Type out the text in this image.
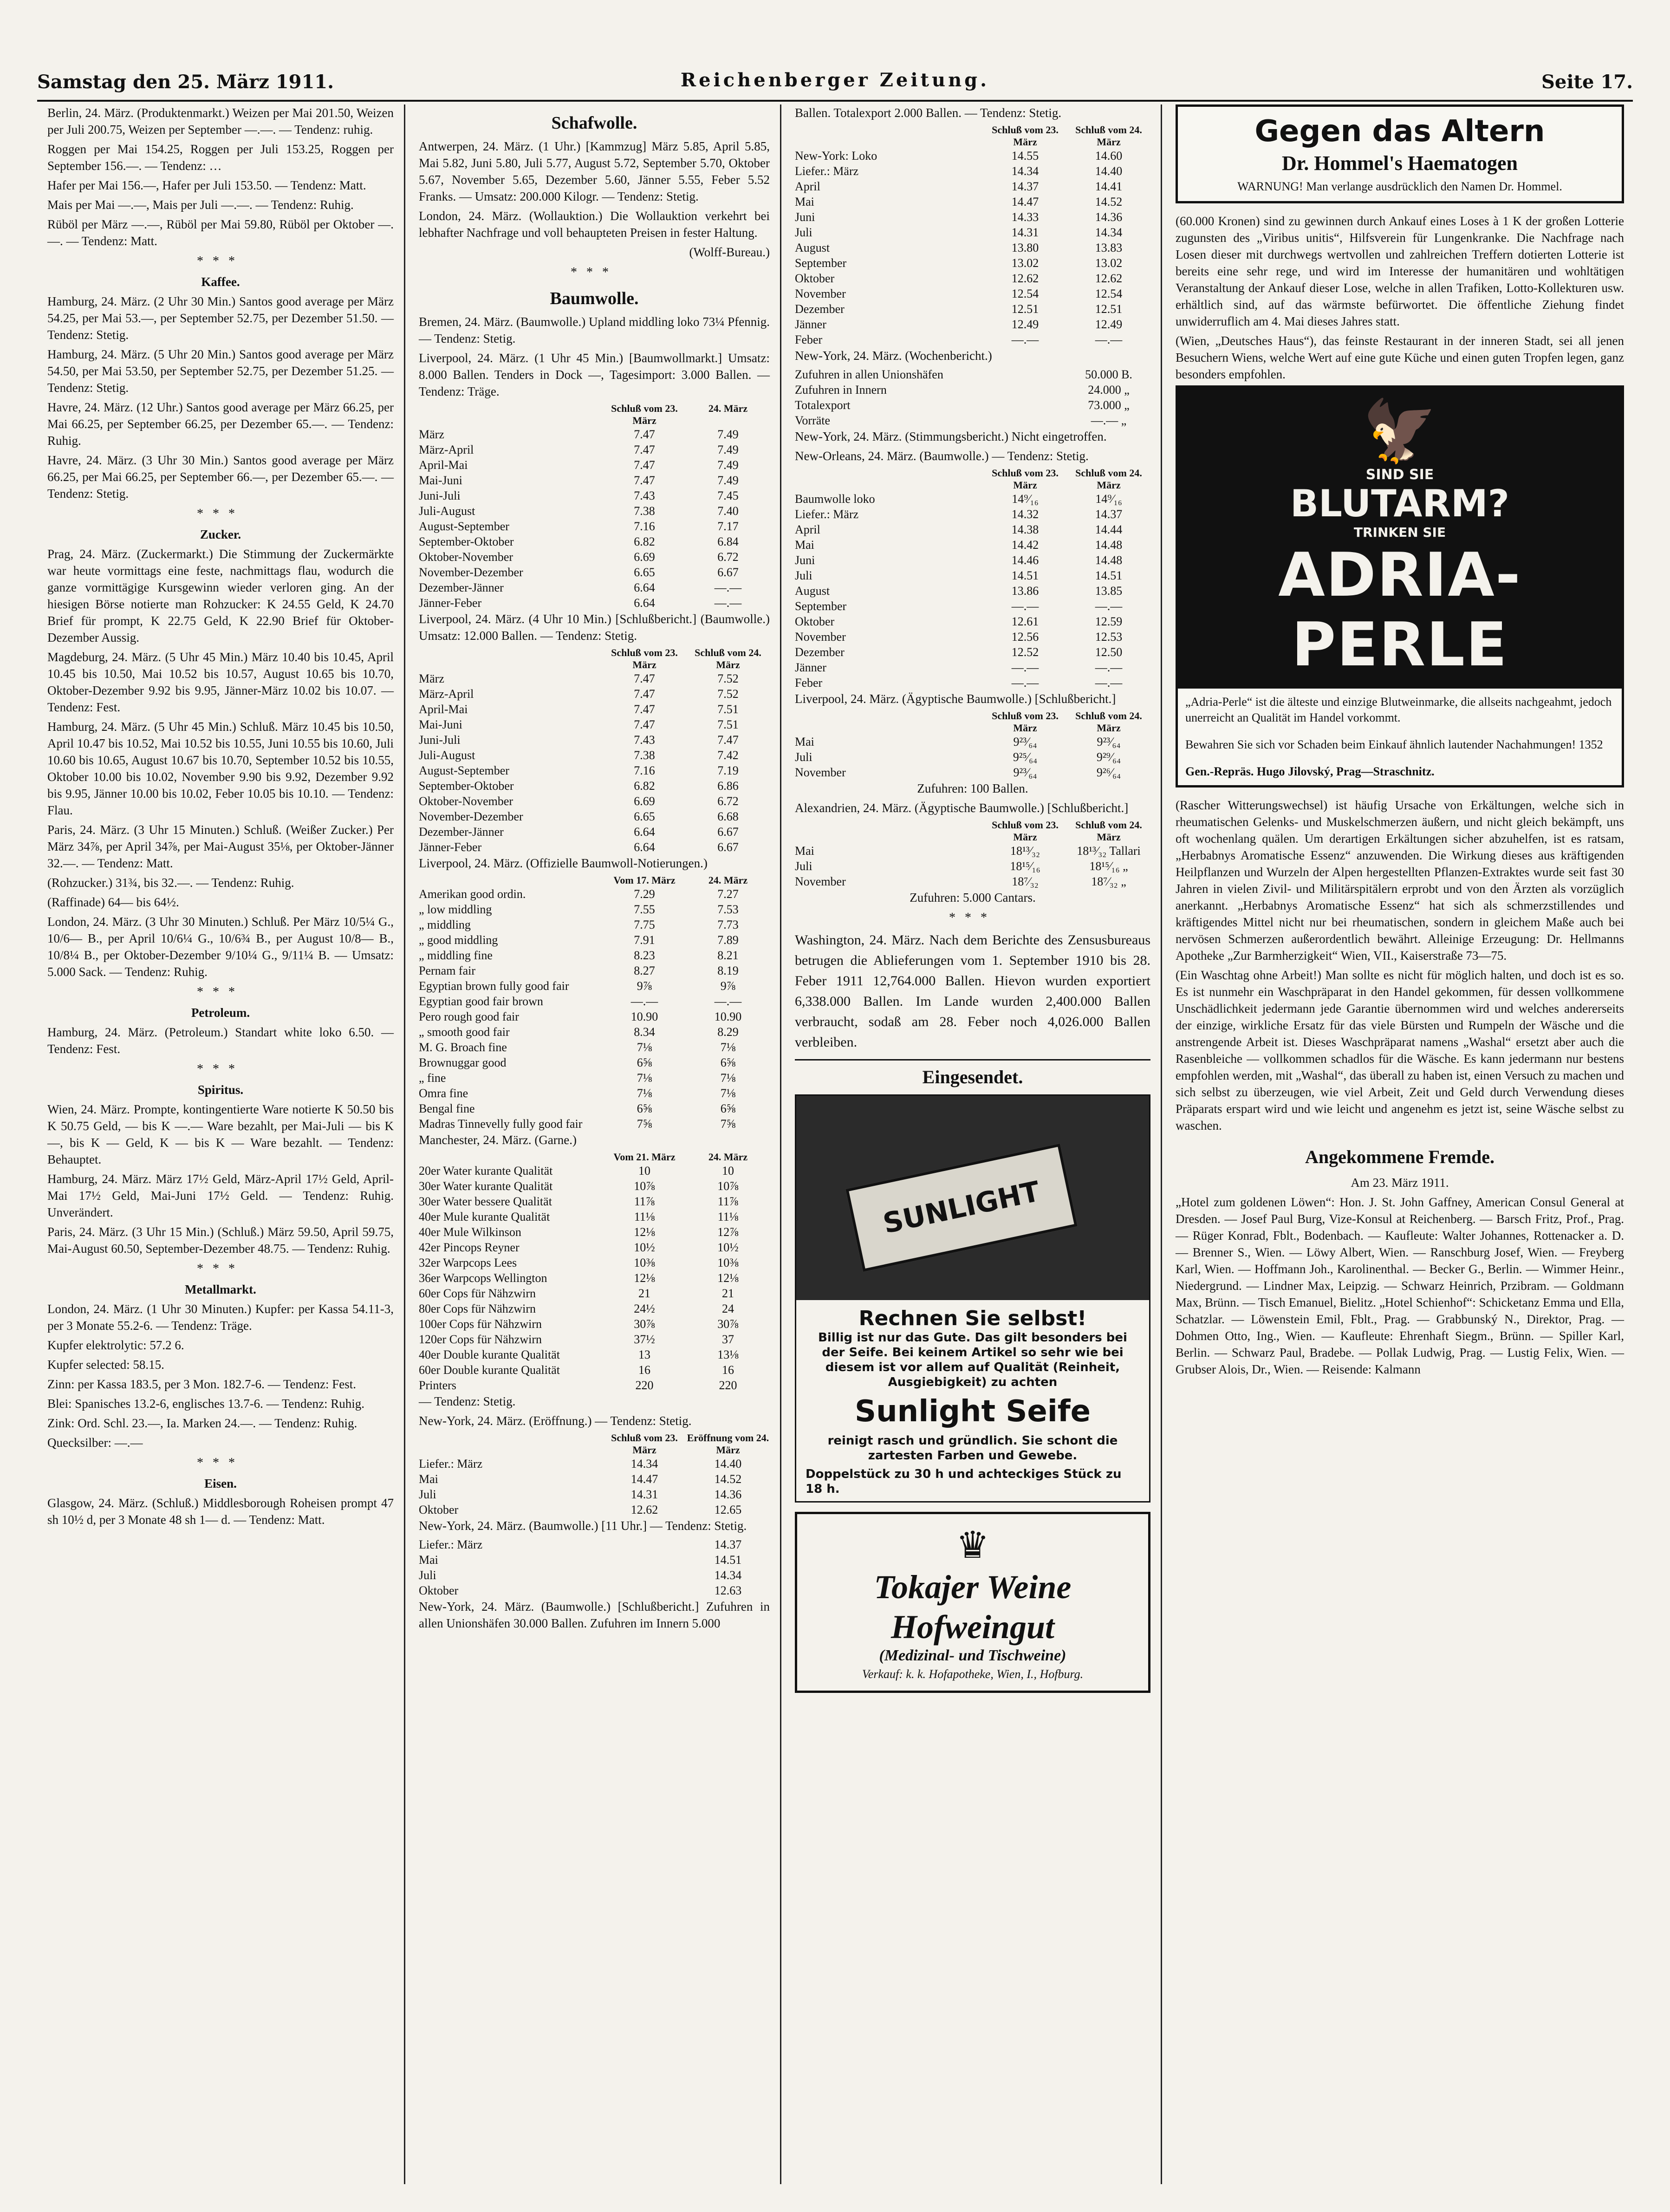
Samstag den 25. März 1911.	Reichenberger Zeitung.	Seite 17.

Berlin, 24. März. (Produktenmarkt.) Weizen per Mai 201.50, Weizen per Juli 200.75, Weizen per September —.—. — Tendenz: ruhig.

Roggen per Mai 154.25, Roggen per Juli 153.25, Roggen per September 156.—. — Tendenz: …

Hafer per Mai 156.—, Hafer per Juli 153.50. — Tendenz: Matt.

Mais per Mai —.—, Mais per Juli —.—. — Tendenz: Ruhig.

Rüböl per März —.—, Rüböl per Mai 59.80, Rüböl per Oktober —.—. — Tendenz: Matt.

***

Kaffee.

Hamburg, 24. März. (2 Uhr 30 Min.) Santos good average per März 54.25, per Mai 53.—, per September 52.75, per Dezember 51.50. — Tendenz: Stetig.

Hamburg, 24. März. (5 Uhr 20 Min.) Santos good average per März 54.50, per Mai 53.50, per September 52.75, per Dezember 51.25. — Tendenz: Stetig.

Havre, 24. März. (12 Uhr.) Santos good average per März 66.25, per Mai 66.25, per September 66.25, per Dezember 65.—. — Tendenz: Ruhig.

Havre, 24. März. (3 Uhr 30 Min.) Santos good average per März 66.25, per Mai 66.25, per September 66.—, per Dezember 65.—. — Tendenz: Stetig.

***

Zucker.

Prag, 24. März. (Zuckermarkt.) Die Stimmung der Zuckermärkte war heute vormittags eine feste, nachmittags flau, wodurch die ganze vormittägige Kursgewinn wieder verloren ging. An der hiesigen Börse notierte man Rohzucker: K 24.55 Geld, K 24.70 Brief für prompt, K 22.75 Geld, K 22.90 Brief für Oktober-Dezember Aussig.

Magdeburg, 24. März. (5 Uhr 45 Min.) März 10.40 bis 10.45, April 10.45 bis 10.50, Mai 10.52 bis 10.57, August 10.65 bis 10.70, Oktober-Dezember 9.92 bis 9.95, Jänner-März 10.02 bis 10.07. — Tendenz: Fest.

Hamburg, 24. März. (5 Uhr 45 Min.) Schluß. März 10.45 bis 10.50, April 10.47 bis 10.52, Mai 10.52 bis 10.55, Juni 10.55 bis 10.60, Juli 10.60 bis 10.65, August 10.67 bis 10.70, September 10.52 bis 10.55, Oktober 10.00 bis 10.02, November 9.90 bis 9.92, Dezember 9.92 bis 9.95, Jänner 10.00 bis 10.02, Feber 10.05 bis 10.10. — Tendenz: Flau.

Paris, 24. März. (3 Uhr 15 Minuten.) Schluß. (Weißer Zucker.) Per März 34⅞, per April 34⅞, per Mai-August 35⅛, per Oktober-Jänner 32.—. — Tendenz: Matt.

(Rohzucker.) 31¾, bis 32.—. — Tendenz: Ruhig.

(Raffinade) 64— bis 64½.

London, 24. März. (3 Uhr 30 Minuten.) Schluß. Per März 10/5¼ G., 10/6— B., per April 10/6¼ G., 10/6¾ B., per August 10/8— B., 10/8¼ B., per Oktober-Dezember 9/10¼ G., 9/11¼ B. — Umsatz: 5.000 Sack. — Tendenz: Ruhig.

***

Petroleum.

Hamburg, 24. März. (Petroleum.) Standart white loko 6.50. — Tendenz: Fest.

***

Spiritus.

Wien, 24. März. Prompte, kontingentierte Ware notierte K 50.50 bis K 50.75 Geld, — bis K —.— Ware bezahlt, per Mai-Juli — bis K —, bis K — Geld, K — bis K — Ware bezahlt. — Tendenz: Behauptet.

Hamburg, 24. März. März 17½ Geld, März-April 17½ Geld, April-Mai 17½ Geld, Mai-Juni 17½ Geld. — Tendenz: Ruhig. Unverändert.

Paris, 24. März. (3 Uhr 15 Min.) (Schluß.) März 59.50, April 59.75, Mai-August 60.50, September-Dezember 48.75. — Tendenz: Ruhig.

***

Metallmarkt.

London, 24. März. (1 Uhr 30 Minuten.) Kupfer: per Kassa 54.11-3, per 3 Monate 55.2-6. — Tendenz: Träge.

Kupfer elektrolytic: 57.2 6.

Kupfer selected: 58.15.

Zinn: per Kassa 183.5, per 3 Mon. 182.7-6. — Tendenz: Fest.

Blei: Spanisches 13.2-6, englisches 13.7-6. — Tendenz: Ruhig.

Zink: Ord. Schl. 23.—, Ia. Marken 24.—. — Tendenz: Ruhig.

Quecksilber: —.—

***

Eisen.

Glasgow, 24. März. (Schluß.) Middlesborough Roheisen prompt 47 sh 10½ d, per 3 Monate 48 sh 1— d. — Tendenz: Matt.

Schafwolle.

Antwerpen, 24. März. (1 Uhr.) [Kammzug] März 5.85, April 5.85, Mai 5.82, Juni 5.80, Juli 5.77, August 5.72, September 5.70, Oktober 5.67, November 5.65, Dezember 5.60, Jänner 5.55, Feber 5.52 Franks. — Umsatz: 200.000 Kilogr. — Tendenz: Stetig.

London, 24. März. (Wollauktion.) Die Wollauktion verkehrt bei lebhafter Nachfrage und voll behaupteten Preisen in fester Haltung.

(Wolff-Bureau.)

***
Baumwolle.

Bremen, 24. März. (Baumwolle.) Upland middling loko 73¼ Pfennig. — Tendenz: Stetig.

Liverpool, 24. März. (1 Uhr 45 Min.) [Baumwollmarkt.] Umsatz: 8.000 Ballen. Tenders in Dock —, Tagesimport: 3.000 Ballen. — Tendenz: Träge.

Schluß vom 23. März
24. März
März	7.47	7.49
März-April	7.47	7.49
April-Mai	7.47	7.49
Mai-Juni	7.47	7.49
Juni-Juli	7.43	7.45
Juli-August	7.38	7.40
August-September	7.16	7.17
September-Oktober	6.82	6.84
Oktober-November	6.69	6.72
November-Dezember	6.65	6.67
Dezember-Jänner	6.64	—.—
Jänner-Feber	6.64	—.—

Liverpool, 24. März. (4 Uhr 10 Min.) [Schlußbericht.] (Baumwolle.) Umsatz: 12.000 Ballen. — Tendenz: Stetig.

Schluß vom 23. März
Schluß vom 24. März
März	7.47	7.52
März-April	7.47	7.52
April-Mai	7.47	7.51
Mai-Juni	7.47	7.51
Juni-Juli	7.43	7.47
Juli-August	7.38	7.42
August-September	7.16	7.19
September-Oktober	6.82	6.86
Oktober-November	6.69	6.72
November-Dezember	6.65	6.68
Dezember-Jänner	6.64	6.67
Jänner-Feber	6.64	6.67

Liverpool, 24. März. (Offizielle Baumwoll-Notierungen.)

Vom 17. März	24. März
Amerikan good ordin.	7.29	7.27
„ low middling	7.55	7.53
„ middling	7.75	7.73
„ good middling	7.91	7.89
„ middling fine	8.23	8.21
Pernam fair	8.27	8.19
Egyptian brown fully good fair	9⅞	9⅞
Egyptian good fair brown	—.—	—.—
Pero rough good fair	10.90	10.90
„ smooth good fair	8.34	8.29
M. G. Broach fine	7⅛	7⅛
Brownuggar good	6⅝	6⅝
„ fine	7⅛	7⅛
Omra fine	7⅛	7⅛
Bengal fine	6⅝	6⅝
Madras Tinnevelly fully good fair	7⅝	7⅝

Manchester, 24. März. (Garne.)

Vom 21. März	24. März
20er Water kurante Qualität	10	10
30er Water kurante Qualität	10⅞	10⅞
30er Water bessere Qualität	11⅞	11⅞
40er Mule kurante Qualität	11⅛	11⅛
40er Mule Wilkinson	12⅛	12⅞
42er Pincops Reyner	10½	10½
32er Warpcops Lees	10⅜	10⅜
36er Warpcops Wellington	12⅛	12⅛
60er Cops für Nähzwirn	21	21
80er Cops für Nähzwirn	24½	24
100er Cops für Nähzwirn	30⅞	30⅞
120er Cops für Nähzwirn	37½	37
40er Double kurante Qualität	13	13⅛
60er Double kurante Qualität	16	16
Printers	220	220

— Tendenz: Stetig.

New-York, 24. März. (Eröffnung.) — Tendenz: Stetig.

Schluß vom 23. März
Eröffnung vom 24. März
Liefer.: März	14.34	14.40
Mai	14.47	14.52
Juli	14.31	14.36
Oktober	12.62	12.65

New-York, 24. März. (Baumwolle.) [11 Uhr.] — Tendenz: Stetig.

Liefer.: März	14.37
Mai	14.51
Juli	14.34
Oktober	12.63

New-York, 24. März. (Baumwolle.) [Schlußbericht.] Zufuhren in allen Unionshäfen 30.000 Ballen. Zufuhren im Innern 5.000

Ballen. Totalexport 2.000 Ballen. — Tendenz: Stetig.

Schluß vom 23. März
Schluß vom 24. März
New-York: Loko	14.55	14.60
Liefer.: März	14.34	14.40
April	14.37	14.41
Mai	14.47	14.52
Juni	14.33	14.36
Juli	14.31	14.34
August	13.80	13.83
September	13.02	13.02
Oktober	12.62	12.62
November	12.54	12.54
Dezember	12.51	12.51
Jänner	12.49	12.49
Feber	—.—	—.—

New-York, 24. März. (Wochenbericht.)

Zufuhren in allen Unionshäfen	50.000 B.
Zufuhren in Innern	24.000 „
Totalexport	73.000 „
Vorräte	—.— „

New-York, 24. März. (Stimmungsbericht.) Nicht eingetroffen.

New-Orleans, 24. März. (Baumwolle.) — Tendenz: Stetig.

Schluß vom 23. März
Schluß vom 24. März
Baumwolle loko	14⁹⁄₁₆	14⁹⁄₁₆
Liefer.: März	14.32	14.37
April	14.38	14.44
Mai	14.42	14.48
Juni	14.46	14.48
Juli	14.51	14.51
August	13.86	13.85
September	—.—	—.—
Oktober	12.61	12.59
November	12.56	12.53
Dezember	12.52	12.50
Jänner	—.—	—.—
Feber	—.—	—.—

Liverpool, 24. März. (Ägyptische Baumwolle.) [Schlußbericht.]

Schluß vom 23. März
Schluß vom 24. März
Mai	9²³⁄₆₄	9²³⁄₆₄
Juli	9²⁵⁄₆₄	9²⁹⁄₆₄
November	9²³⁄₆₄	9²⁶⁄₆₄

Zufuhren: 100 Ballen.

Alexandrien, 24. März. (Ägyptische Baumwolle.) [Schlußbericht.]

Schluß vom 23. März
Schluß vom 24. März
Mai	18¹³⁄₃₂	18¹³⁄₃₂ Tallari
Juli	18¹⁵⁄₁₆	18¹⁵⁄₁₆ „
November	18⁷⁄₃₂	18⁷⁄₃₂ „

Zufuhren: 5.000 Cantars.

***

Washington, 24. März. Nach dem Berichte des Zensusbureaus betrugen die Ablieferungen vom 1. September 1910 bis 28. Feber 1911 12,764.000 Ballen. Hievon wurden exportiert 6,338.000 Ballen. Im Lande wurden 2,400.000 Ballen verbraucht, sodaß am 28. Feber noch 4,026.000 Ballen verbleiben.

Eingesendet.
SUNLIGHT
Rechnen Sie selbst!
Billig ist nur das Gute. Das gilt besonders bei der Seife. Bei keinem Artikel so sehr wie bei diesem ist vor allem auf Qualität (Reinheit, Ausgiebigkeit) zu achten
Sunlight Seife
reinigt rasch und gründlich. Sie schont die zartesten Farben und Gewebe.
Doppelstück zu 30 h und achteckiges Stück zu 18 h.
♛
Tokajer Weine
Hofweingut
(Medizinal- und Tischweine)
Verkauf: k. k. Hofapotheke, Wien, I., Hofburg.
Gegen das Altern
Dr. Hommel's Haematogen
WARNUNG! Man verlange ausdrücklich den Namen Dr. Hommel.

(60.000 Kronen) sind zu gewinnen durch Ankauf eines Loses à 1 K der großen Lotterie zugunsten des „Viribus unitis“, Hilfsverein für Lungenkranke. Die Nachfrage nach Losen dieser mit durchwegs wertvollen und zahlreichen Treffern dotierten Lotterie ist bereits eine sehr rege, und wird im Interesse der humanitären und wohltätigen Veranstaltung der Ankauf dieser Lose, welche in allen Trafiken, Lotto-Kollekturen usw. erhältlich sind, auf das wärmste befürwortet. Die öffentliche Ziehung findet unwiderruflich am 4. Mai dieses Jahres statt.

(Wien, „Deutsches Haus“), das feinste Restaurant in der inneren Stadt, sei all jenen Besuchern Wiens, welche Wert auf eine gute Küche und einen guten Tropfen legen, ganz besonders empfohlen.

🦅
SIND SIE
BLUTARM?
TRINKEN SIE
ADRIA-PERLE
„Adria-Perle“ ist die älteste und einzige Blutweinmarke, die allseits nachgeahmt, jedoch unerreicht an Qualität im Handel vorkommt.
Bewahren Sie sich vor Schaden beim Einkauf ähnlich lautender Nachahmungen! 1352
Gen.-Repräs. Hugo Jilovský, Prag—Straschnitz.

(Rascher Witterungswechsel) ist häufig Ursache von Erkältungen, welche sich in rheumatischen Gelenks- und Muskelschmerzen äußern, und nicht gleich bekämpft, uns oft wochenlang quälen. Um derartigen Erkältungen sicher abzuhelfen, ist es ratsam, „Herbabnys Aromatische Essenz“ anzuwenden. Die Wirkung dieses aus kräftigenden Heilpflanzen und Wurzeln der Alpen hergestellten Pflanzen-Extraktes wurde seit fast 30 Jahren in vielen Zivil- und Militärspitälern erprobt und von den Ärzten als vorzüglich anerkannt. „Herbabnys Aromatische Essenz“ hat sich als schmerzstillendes und kräftigendes Mittel nicht nur bei rheumatischen, sondern in gleichem Maße auch bei nervösen Schmerzen außerordentlich bewährt. Alleinige Erzeugung: Dr. Hellmanns Apotheke „Zur Barmherzigkeit“ Wien, VII., Kaiserstraße 73—75.

(Ein Waschtag ohne Arbeit!) Man sollte es nicht für möglich halten, und doch ist es so. Es ist nunmehr ein Waschpräparat in den Handel gekommen, für dessen vollkommene Unschädlichkeit jedermann jede Garantie übernommen wird und welches andererseits der einzige, wirkliche Ersatz für das viele Bürsten und Rumpeln der Wäsche und die anstrengende Arbeit ist. Dieses Waschpräparat namens „Washal“ ersetzt aber auch die Rasenbleiche — vollkommen schadlos für die Wäsche. Es kann jedermann nur bestens empfohlen werden, mit „Washal“, das überall zu haben ist, einen Versuch zu machen und sich selbst zu überzeugen, wie viel Arbeit, Zeit und Geld durch Verwendung dieses Präparats erspart wird und wie leicht und angenehm es jetzt ist, seine Wäsche selbst zu waschen.

Angekommene Fremde.

Am 23. März 1911.

„Hotel zum goldenen Löwen“: Hon. J. St. John Gaffney, American Consul General at Dresden. — Josef Paul Burg, Vize-Konsul at Reichenberg. — Barsch Fritz, Prof., Prag. — Rüger Konrad, Fblt., Bodenbach. — Kaufleute: Walter Johannes, Rottenacker a. D. — Brenner S., Wien. — Löwy Albert, Wien. — Ranschburg Josef, Wien. — Freyberg Karl, Wien. — Hoffmann Joh., Karolinenthal. — Becker G., Berlin. — Wimmer Heinr., Niedergrund. — Lindner Max, Leipzig. — Schwarz Heinrich, Przibram. — Goldmann Max, Brünn. — Tisch Emanuel, Bielitz. „Hotel Schienhof“: Schicketanz Emma und Ella, Schatzlar. — Löwenstein Emil, Fblt., Prag. — Grabbunský N., Direktor, Prag. — Dohmen Otto, Ing., Wien. — Kaufleute: Ehrenhaft Siegm., Brünn. — Spiller Karl, Berlin. — Schwarz Paul, Bradebe. — Pollak Ludwig, Prag. — Lustig Felix, Wien. — Grubser Alois, Dr., Wien. — Reisende: Kalmann
